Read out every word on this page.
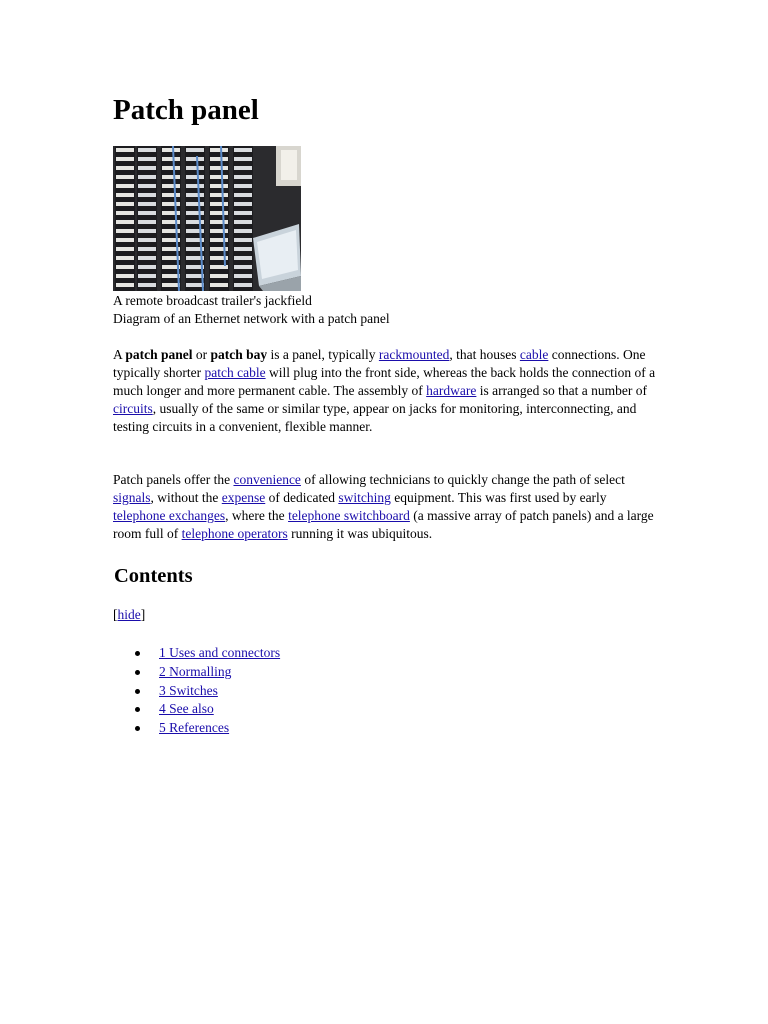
Patch panel
A remote broadcast trailer's jackfield
Diagram of an Ethernet network with a patch panel

A patch panel or patch bay is a panel, typically rackmounted, that houses cable connections. One typically shorter patch cable will plug into the front side, whereas the back holds the connection of a much longer and more permanent cable. The assembly of hardware is arranged so that a number of circuits, usually of the same or similar type, appear on jacks for monitoring, interconnecting, and testing circuits in a convenient, flexible manner.

Patch panels offer the convenience of allowing technicians to quickly change the path of select signals, without the expense of dedicated switching equipment. This was first used by early telephone exchanges, where the telephone switchboard (a massive array of patch panels) and a large room full of telephone operators running it was ubiquitous.

Contents
[hide]
1 Uses and connectors
2 Normalling
3 Switches
4 See also
5 References
